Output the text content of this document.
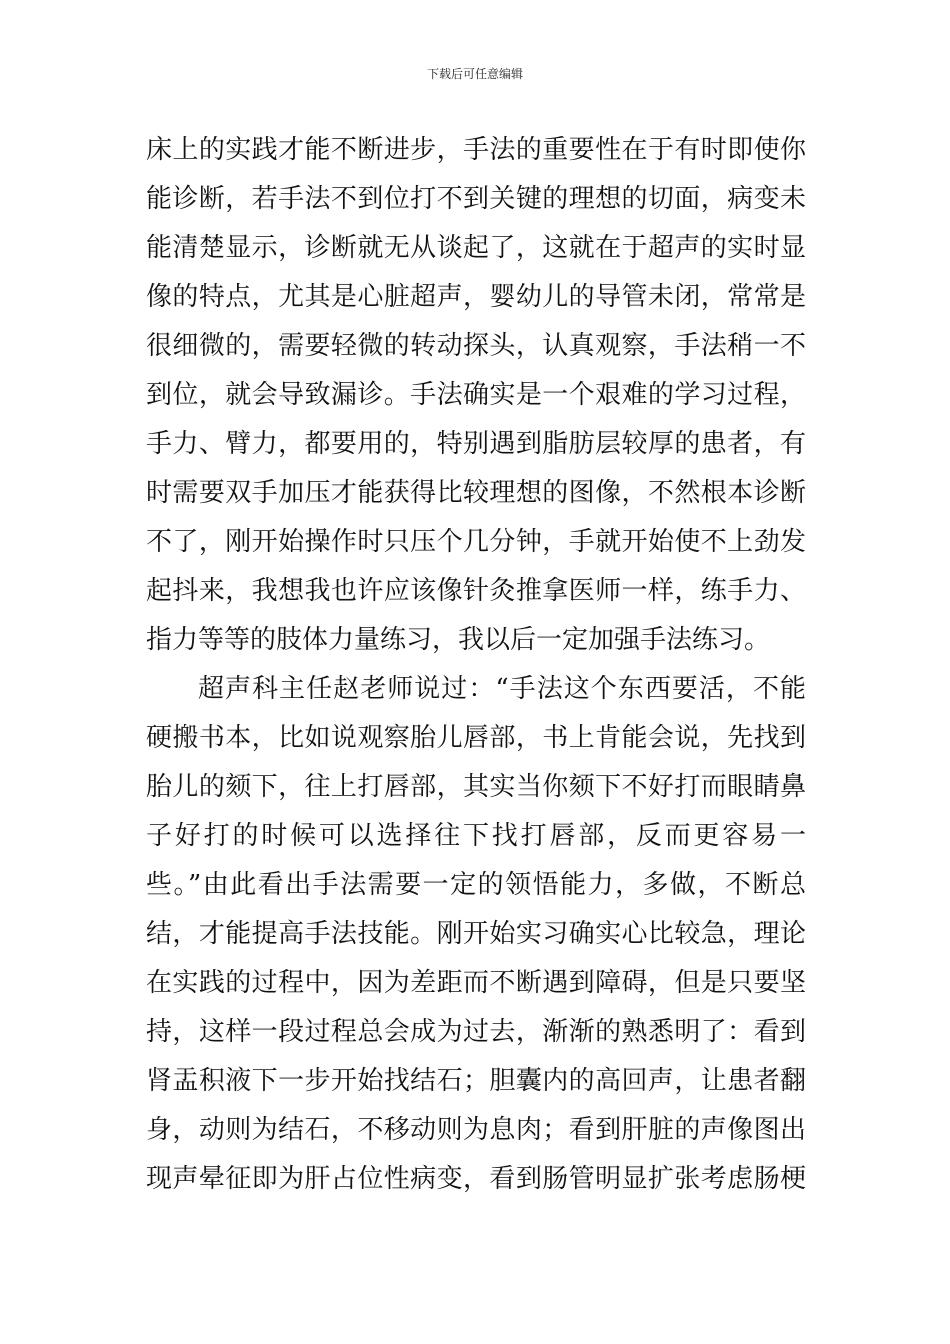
下载后可任意编辑
床上的实践才能不断进步，手法的重要性在于有时即使你
能诊断，若手法不到位打不到关键的理想的切面，病变未
能清楚显示，诊断就无从谈起了，这就在于超声的实时显
像的特点，尤其是心脏超声，婴幼儿的导管未闭，常常是
很细微的，需要轻微的转动探头，认真观察，手法稍一不
到位，就会导致漏诊。手法确实是一个艰难的学习过程，
手力、臂力，都要用的，特别遇到脂肪层较厚的患者，有
时需要双手加压才能获得比较理想的图像，不然根本诊断
不了，刚开始操作时只压个几分钟，手就开始使不上劲发
起抖来，我想我也许应该像针灸推拿医师一样，练手力、
指力等等的肢体力量练习，我以后一定加强手法练习。
超声科主任赵老师说过：“手法这个东西要活，不能
硬搬书本，比如说观察胎儿唇部，书上肯能会说，先找到
胎儿的颏下，往上打唇部，其实当你颏下不好打而眼睛鼻
子好打的时候可以选择往下找打唇部，反而更容易一
些。”由此看出手法需要一定的领悟能力，多做，不断总
结，才能提高手法技能。刚开始实习确实心比较急，理论
在实践的过程中，因为差距而不断遇到障碍，但是只要坚
持，这样一段过程总会成为过去，渐渐的熟悉明了：看到
肾盂积液下一步开始找结石；胆囊内的高回声，让患者翻
身，动则为结石，不移动则为息肉；看到肝脏的声像图出
现声晕征即为肝占位性病变，看到肠管明显扩张考虑肠梗
